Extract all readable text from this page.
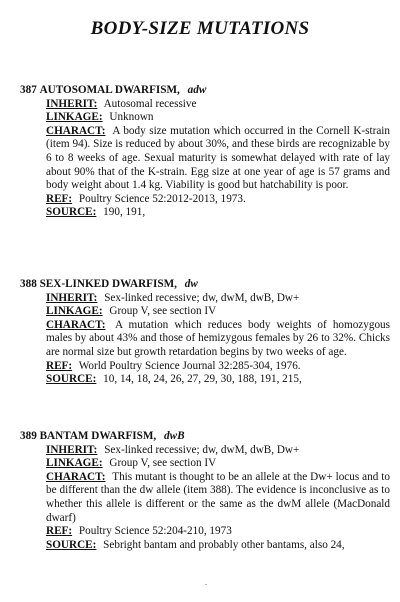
BODY-SIZE MUTATIONS
387 AUTOSOMAL DWARFISM, adw
INHERIT: Autosomal recessive
LINKAGE: Unknown
CHARACT: A body size mutation which occurred in the Cornell K-strain (item 94). Size is reduced by about 30%, and these birds are recognizable by 6 to 8 weeks of age. Sexual maturity is somewhat delayed with rate of lay about 90% that of the K-strain. Egg size at one year of age is 57 grams and body weight about 1.4 kg. Viability is good but hatchability is poor.
REF: Poultry Science 52:2012-2013, 1973.
SOURCE: 190, 191,
388 SEX-LINKED DWARFISM, dw
INHERIT: Sex-linked recessive; dw, dwM, dwB, Dw+
LINKAGE: Group V, see section IV
CHARACT: A mutation which reduces body weights of homozygous males by about 43% and those of hemizygous females by 26 to 32%. Chicks are normal size but growth retardation begins by two weeks of age.
REF: World Poultry Science Journal 32:285-304, 1976.
SOURCE: 10, 14, 18, 24, 26, 27, 29, 30, 188, 191, 215,
389 BANTAM DWARFISM, dwB
INHERIT: Sex-linked recessive; dw, dwM, dwB, Dw+
LINKAGE: Group V, see section IV
CHARACT: This mutant is thought to be an allele at the Dw+ locus and to be different than the dw allele (item 388). The evidence is inconclusive as to whether this allele is different or the same as the dwM allele (MacDonald dwarf)
REF: Poultry Science 52:204-210, 1973
SOURCE: Sebright bantam and probably other bantams, also 24,
.
